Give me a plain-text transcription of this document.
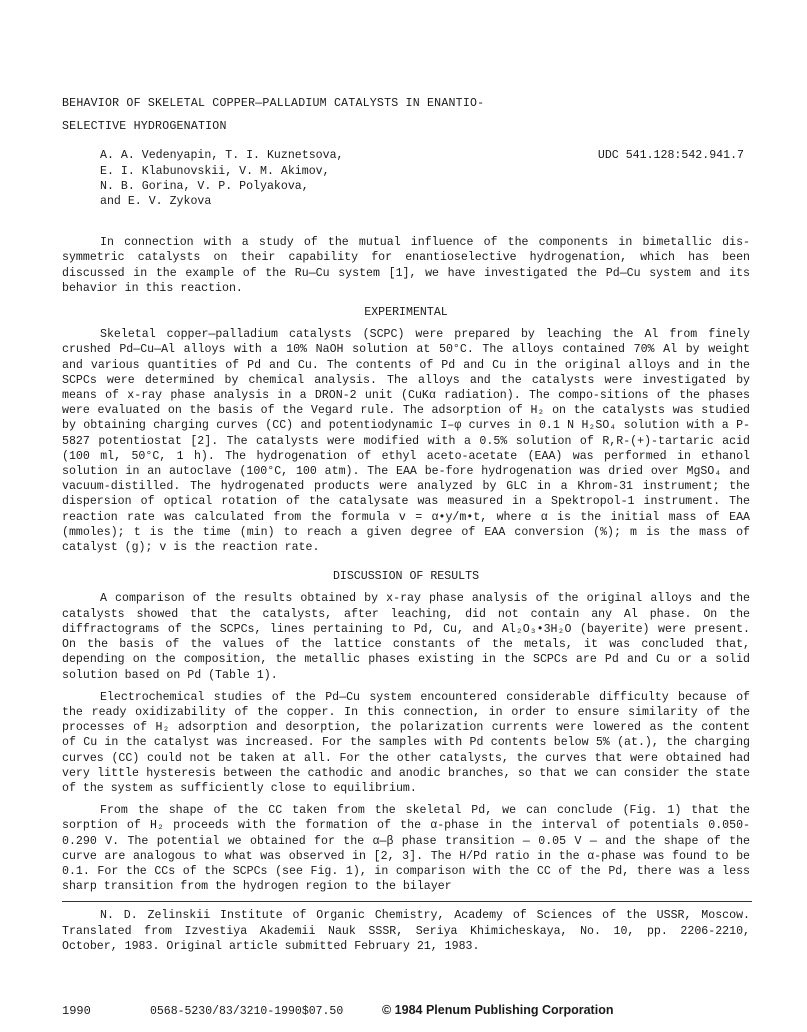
BEHAVIOR OF SKELETAL COPPER—PALLADIUM CATALYSTS IN ENANTIO-
SELECTIVE HYDROGENATION
A. A. Vedenyapin, T. I. Kuznetsova,
E. I. Klabunovskii, V. M. Akimov,
N. B. Gorina, V. P. Polyakova,
and E. V. Zykova
UDC 541.128:542.941.7

In connection with a study of the mutual influence of the components in bimetallic dis-symmetric catalysts on their capability for enantioselective hydrogenation, which has been discussed in the example of the Ru—Cu system [1], we have investigated the Pd—Cu system and its behavior in this reaction.

EXPERIMENTAL

Skeletal copper—palladium catalysts (SCPC) were prepared by leaching the Al from finely crushed Pd—Cu—Al alloys with a 10% NaOH solution at 50°C. The alloys contained 70% Al by weight and various quantities of Pd and Cu. The contents of Pd and Cu in the original alloys and in the SCPCs were determined by chemical analysis. The alloys and the catalysts were investigated by means of x-ray phase analysis in a DRON-2 unit (CuKα radiation). The compo-sitions of the phases were evaluated on the basis of the Vegard rule. The adsorption of H₂ on the catalysts was studied by obtaining charging curves (CC) and potentiodynamic I–φ curves in 0.1 N H₂SO₄ solution with a P-5827 potentiostat [2]. The catalysts were modified with a 0.5% solution of R,R-(+)-tartaric acid (100 ml, 50°C, 1 h). The hydrogenation of ethyl aceto-acetate (EAA) was performed in ethanol solution in an autoclave (100°C, 100 atm). The EAA be-fore hydrogenation was dried over MgSO₄ and vacuum-distilled. The hydrogenated products were analyzed by GLC in a Khrom-31 instrument; the dispersion of optical rotation of the catalysate was measured in a Spektropol-1 instrument. The reaction rate was calculated from the formula v = α•y/m•t, where α is the initial mass of EAA (mmoles); t is the time (min) to reach a given degree of EAA conversion (%); m is the mass of catalyst (g); v is the reaction rate.

DISCUSSION OF RESULTS

A comparison of the results obtained by x-ray phase analysis of the original alloys and the catalysts showed that the catalysts, after leaching, did not contain any Al phase. On the diffractograms of the SCPCs, lines pertaining to Pd, Cu, and Al₂O₃•3H₂O (bayerite) were present. On the basis of the values of the lattice constants of the metals, it was concluded that, depending on the composition, the metallic phases existing in the SCPCs are Pd and Cu or a solid solution based on Pd (Table 1).

Electrochemical studies of the Pd—Cu system encountered considerable difficulty because of the ready oxidizability of the copper. In this connection, in order to ensure similarity of the processes of H₂ adsorption and desorption, the polarization currents were lowered as the content of Cu in the catalyst was increased. For the samples with Pd contents below 5% (at.), the charging curves (CC) could not be taken at all. For the other catalysts, the curves that were obtained had very little hysteresis between the cathodic and anodic branches, so that we can consider the state of the system as sufficiently close to equilibrium.

From the shape of the CC taken from the skeletal Pd, we can conclude (Fig. 1) that the sorption of H₂ proceeds with the formation of the α-phase in the interval of potentials 0.050-0.290 V. The potential we obtained for the α—β phase transition — 0.05 V — and the shape of the curve are analogous to what was observed in [2, 3]. The H/Pd ratio in the α-phase was found to be 0.1. For the CCs of the SCPCs (see Fig. 1), in comparison with the CC of the Pd, there was a less sharp transition from the hydrogen region to the bilayer

N. D. Zelinskii Institute of Organic Chemistry, Academy of Sciences of the USSR, Moscow. Translated from Izvestiya Akademii Nauk SSSR, Seriya Khimicheskaya, No. 10, pp. 2206-2210, October, 1983. Original article submitted February 21, 1983.

1990	0568-5230/83/3210-1990$07.50	© 1984 Plenum Publishing Corporation
